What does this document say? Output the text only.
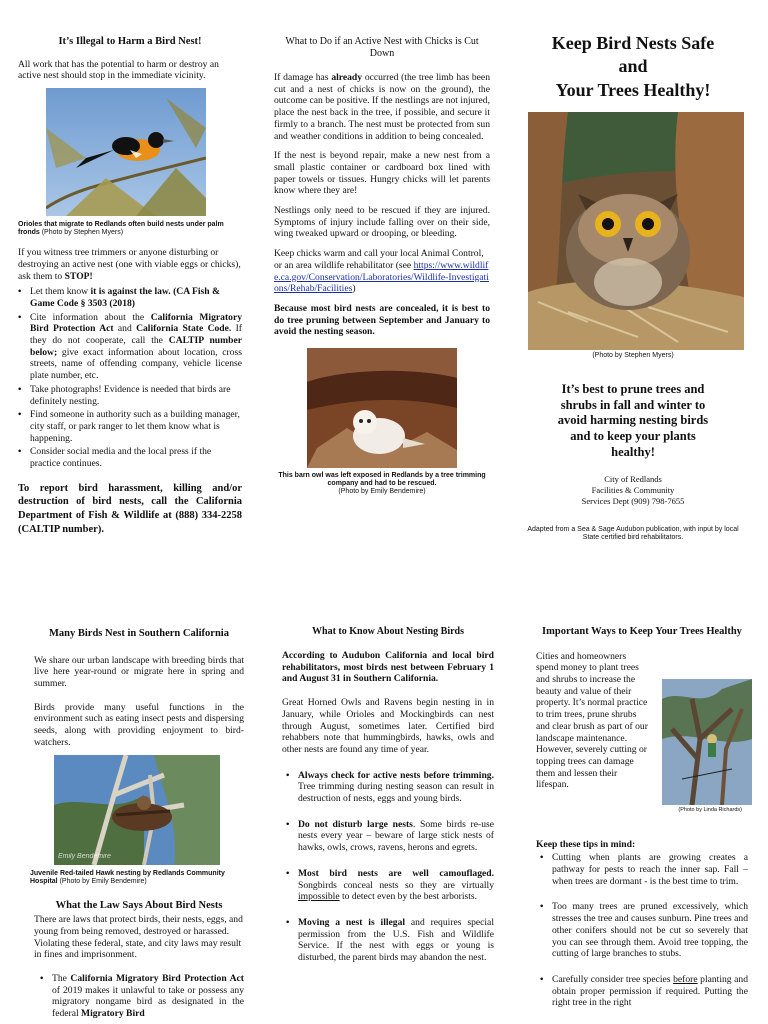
It’s Illegal to Harm a Bird Nest!
All work that has the potential to harm or destroy an active nest should stop in the immediate vicinity.
Orioles that migrate to Redlands often build nests under palm fronds (Photo by Stephen Myers)
If you witness tree trimmers or anyone disturbing or destroying an active nest (one with viable eggs or chicks), ask them to STOP!
• Let them know it is against the law. (CA Fish & Game Code § 3503 (2018)
• Cite information about the California Migratory Bird Protection Act and California State Code. If they do not cooperate, call the CALTIP number below; give exact information about location, cross streets, name of offending company, vehicle license plate number, etc.
• Take photographs! Evidence is needed that birds are definitely nesting.
• Find someone in authority such as a building manager, city staff, or park ranger to let them know what is happening.
• Consider social media and the local press if the practice continues.
To report bird harassment, killing and/or destruction of bird nests, call the California Department of Fish & Wildlife at (888) 334-2258 (CALTIP number).
What to Do if an Active Nest with Chicks is Cut Down
If damage has already occurred (the tree limb has been cut and a nest of chicks is now on the ground), the outcome can be positive. If the nestlings are not injured, place the nest back in the tree, if possible, and secure it firmly to a branch. The nest must be protected from sun and weather conditions in addition to being concealed.
If the nest is beyond repair, make a new nest from a small plastic container or cardboard box lined with paper towels or tissues. Hungry chicks will let parents know where they are!
Nestlings only need to be rescued if they are injured. Symptoms of injury include falling over on their side, wing tweaked upward or drooping, or bleeding.
Keep chicks warm and call your local Animal Control, or an area wildlife rehabilitator (see https://www.wildlife.ca.gov/Conservation/Laboratories/Wildlife-Investigations/Rehab/Facilities)
Because most bird nests are concealed, it is best to do tree pruning between September and January to avoid the nesting season.
This barn owl was left exposed in Redlands by a tree trimming company and had to be rescued.
(Photo by Emily Bendemire)
Keep Bird Nests Safe
and
Your Trees Healthy!
(Photo by Stephen Myers)
It’s best to prune trees and shrubs in fall and winter to avoid harming nesting birds and to keep your plants healthy!
City of Redlands
Facilities & Community
Services Dept (909) 798-7655
Adapted from a Sea & Sage Audubon publication, with input by local State certified bird rehabilitators.
Many Birds Nest in Southern California
We share our urban landscape with breeding birds that live here year-round or migrate here in spring and summer.
Birds provide many useful functions in the environment such as eating insect pests and dispersing seeds, along with providing enjoyment to bird-watchers.
Emily Bendemire
Juvenile Red-tailed Hawk nesting by Redlands Community Hospital (Photo by Emily Bendemire)
What the Law Says About Bird Nests
There are laws that protect birds, their nests, eggs, and young from being removed, destroyed or harassed. Violating these federal, state, and city laws may result in fines and imprisonment.
• The California Migratory Bird Protection Act of 2019 makes it unlawful to take or possess any migratory nongame bird as designated in the federal Migratory Bird
What to Know About Nesting Birds
According to Audubon California and local bird rehabilitators, most birds nest between February 1 and August 31 in Southern California.
Great Horned Owls and Ravens begin nesting in in January, while Orioles and Mockingbirds can nest through August, sometimes later. Certified bird rehabbers note that hummingbirds, hawks, owls and other nests are found any time of year.
• Always check for active nests before trimming. Tree trimming during nesting season can result in destruction of nests, eggs and young birds.
• Do not disturb large nests. Some birds re-use nests every year – beware of large stick nests of hawks, owls, crows, ravens, herons and egrets.
• Most bird nests are well camouflaged. Songbirds conceal nests so they are virtually impossible to detect even by the best arborists.
• Moving a nest is illegal and requires special permission from the U.S. Fish and Wildlife Service. If the nest with eggs or young is disturbed, the parent birds may abandon the nest.
Important Ways to Keep Your Trees Healthy
(Photo by Linda Richards)
Cities and homeowners spend money to plant trees and shrubs to increase the beauty and value of their property. It’s normal practice to trim trees, prune shrubs and clear brush as part of our landscape maintenance. However, severely cutting or topping trees can damage them and lessen their lifespan.
Keep these tips in mind:
• Cutting when plants are growing creates a pathway for pests to reach the inner sap. Fall – when trees are dormant - is the best time to trim.
• Too many trees are pruned excessively, which stresses the tree and causes sunburn. Pine trees and other conifers should not be cut so severely that you can see through them. Avoid tree topping, the cutting of large branches to stubs.
• Carefully consider tree species before planting and obtain proper permission if required. Putting the right tree in the right
